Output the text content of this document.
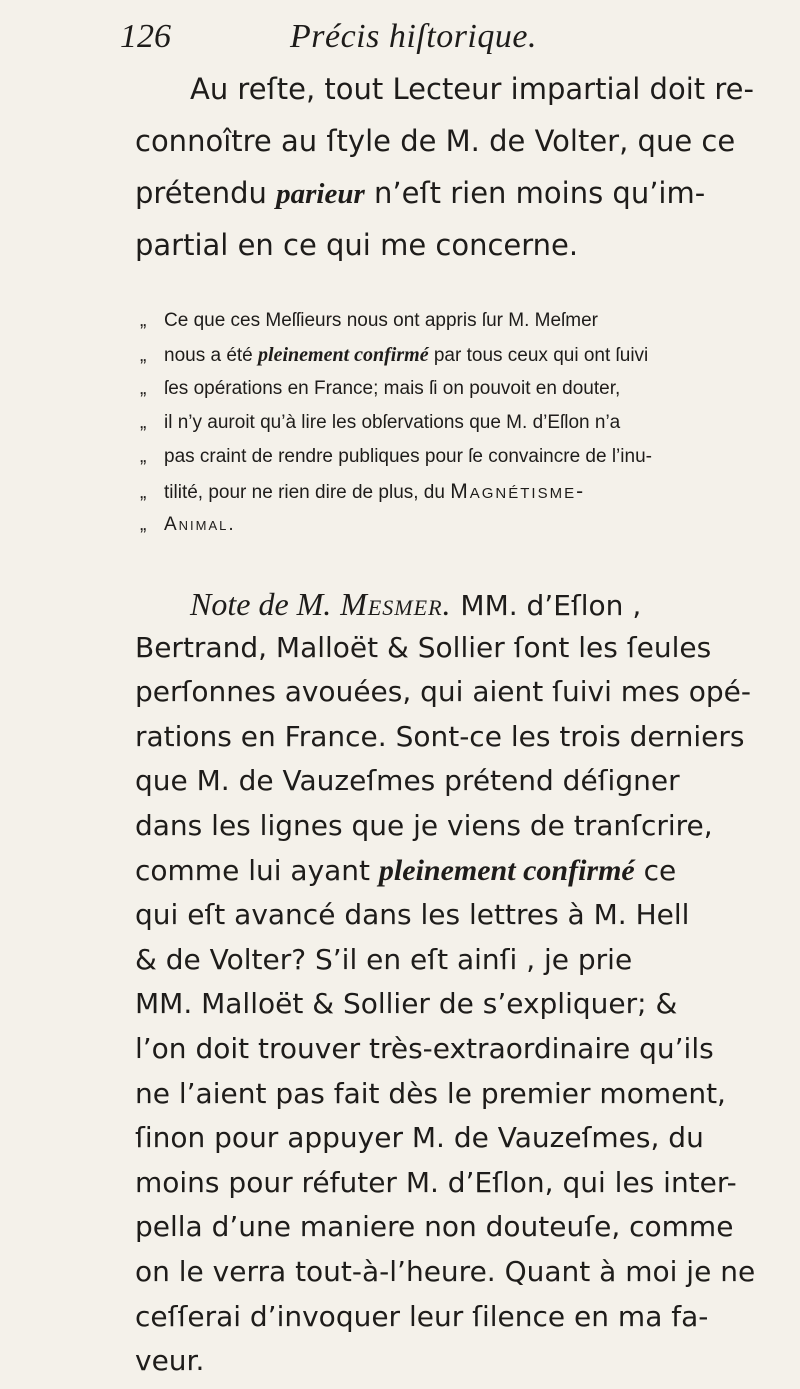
126	Précis hiſtorique.
Au reſte, tout Lecteur impartial doit re-
connoître au ſtyle de M. de Volter, que ce
prétendu parieur n’eſt rien moins qu’im-
partial en ce qui me concerne.
„Ce que ces Meſſieurs nous ont appris ſur M. Meſmer
„nous a été pleinement confirmé par tous ceux qui ont ſuivi
„ſes opérations en France; mais ſi on pouvoit en douter,
„il n’y auroit qu’à lire les obſervations que M. d’Eſlon n’a
„pas craint de rendre publiques pour ſe convaincre de l’inu-
„tilité, pour ne rien dire de plus, du Magnétisme-
„Animal.
Note de M. Mesmer. MM. d’Eſlon ,
Bertrand, Malloët & Sollier ſont les ſeules
perſonnes avouées, qui aient ſuivi mes opé-
rations en France. Sont-ce les trois derniers
que M. de Vauzeſmes prétend déſigner
dans les lignes que je viens de tranſcrire,
comme lui ayant pleinement confirmé ce
qui eſt avancé dans les lettres à M. Hell
& de Volter? S’il en eſt ainſi , je prie
MM. Malloët & Sollier de s’expliquer; &
l’on doit trouver très-extraordinaire qu’ils
ne l’aient pas fait dès le premier moment,
ſinon pour appuyer M. de Vauzeſmes, du
moins pour réfuter M. d’Eſlon, qui les inter-
pella d’une maniere non douteuſe, comme
on le verra tout-à-l’heure. Quant à moi je ne
ceſſerai d’invoquer leur ſilence en ma fa-
veur.
